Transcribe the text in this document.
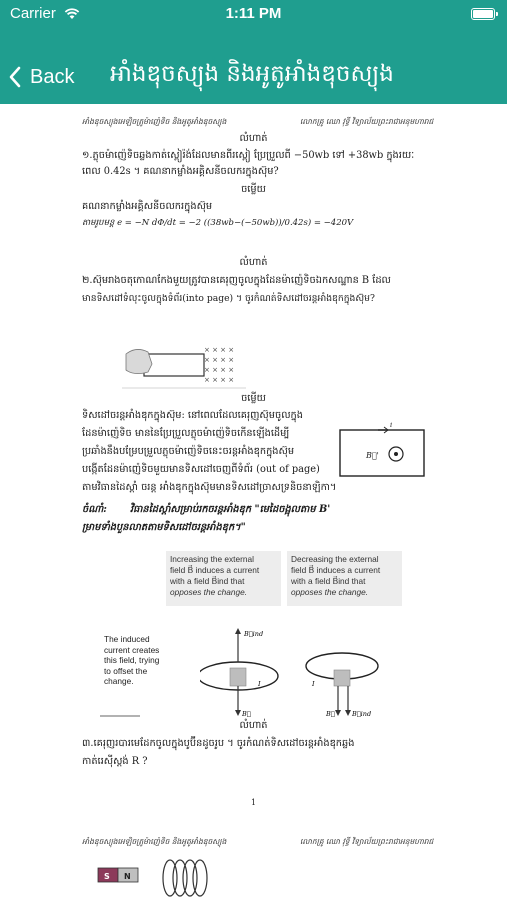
Carrier	1:11 PM
Back អាំងឌុចស្យុង និងអូតូអាំងឌុចស្យុង
អាំងឌុចស្យុងអេឡិចត្រូម៉ាញ៉េទិច និងអូតូអាំងឌុចស្យុង	លោកគ្រូ ឈោ វុទ្ធី វិទ្យាល័យព្រះរាជាអនុមហារាជ
លំហាត់
១.ភ្លុចម៉ាញ៉េទិចឆ្លងកាត់ស្ពៀរ៉ង់ដែលមានពីរស្ពៀ ប្រែប្រួលពី −50wb ទៅ +38wb ក្នុងរយៈ
ពេល 0.42s ។ គណនាកម្លាំងអគ្គិសនីចលករក្នុងស៊ុម?
ចម្លើយ
គណនាកម្លាំងអគ្គិសនីចលករក្នុងស៊ុម
តាមរូបមន្ត e = −N dΦ/dt = −2 ((38wb−(−50wb))/0.42s) = −420V
លំហាត់
២.ស៊ុមរាងចតុកោណកែងមួយត្រូវបានគេរុញចូលក្នុងដែនម៉ាញ៉េទិចឯកសណ្ឋាន B ដែល
មានទិសដៅទំលុះចូលក្នុងទំព័រ(into page) ។ ចូរកំណត់ទិសដៅចរន្តអាំងឌុកក្នុងស៊ុម?
× × × ×
× × × ×
× × × ×
× × × ×
ចម្លើយ
ទិសដៅចរន្តអាំងឌុកក្នុងស៊ុម: នៅពេលដែលគេរុញស៊ុមចូលក្នុង
ដែនម៉ាញ៉េទិច មាននៃប្រែប្រួលភ្លុចម៉ាញ៉េទិចកើនឡើងដើម្បី
ប្រឆាំងនឹងបម្រែបម្រួលភ្លុចម៉ាញ៉េទិចនេះចរន្តអាំងឌុកក្នុងស៊ុម
បង្កើតដែនម៉ាញ៉េទិចមួយមានទិសដៅចេញពីទំព័រ (out of page)
តាមវិធានដៃស្តាំ ចរន្ត អាំងឌុកក្នុងស៊ុមមានទិសដៅច្រាសទ្រនិចនាឡិកា។
i
B⃗'
ចំណាំ: វិធានដៃស្តាំសម្រាប់រកចរន្តអាំងឌុក "មេដៃចង្អុលតាម B'
ម្រាមទាំងបួនលាតតាមទិសដៅចរន្តអាំងឌុក។"
Increasing the external
field B⃗ induces a current
with a field B⃗ind that
opposes the change.
Decreasing the external
field B⃗ induces a current
with a field B⃗ind that
opposes the change.
The induced
current creates
this field, trying
to offset the
change.
B⃗ind
B⃗
I
B⃗	B⃗ind
I
លំហាត់
៣.គេរុញរបារមេដែកចូលក្នុងបូប៊ីនដូចរូប ។ ចូរកំណត់ទិសដៅចរន្តអាំងឌុកឆ្លង
កាត់រេស៊ីស្តង់ R ?
1
អាំងឌុចស្យុងអេឡិចត្រូម៉ាញ៉េទិច និងអូតូអាំងឌុចស្យុង	លោកគ្រូ ឈោ វុទ្ធី វិទ្យាល័យព្រះរាជាអនុមហារាជ
S N
